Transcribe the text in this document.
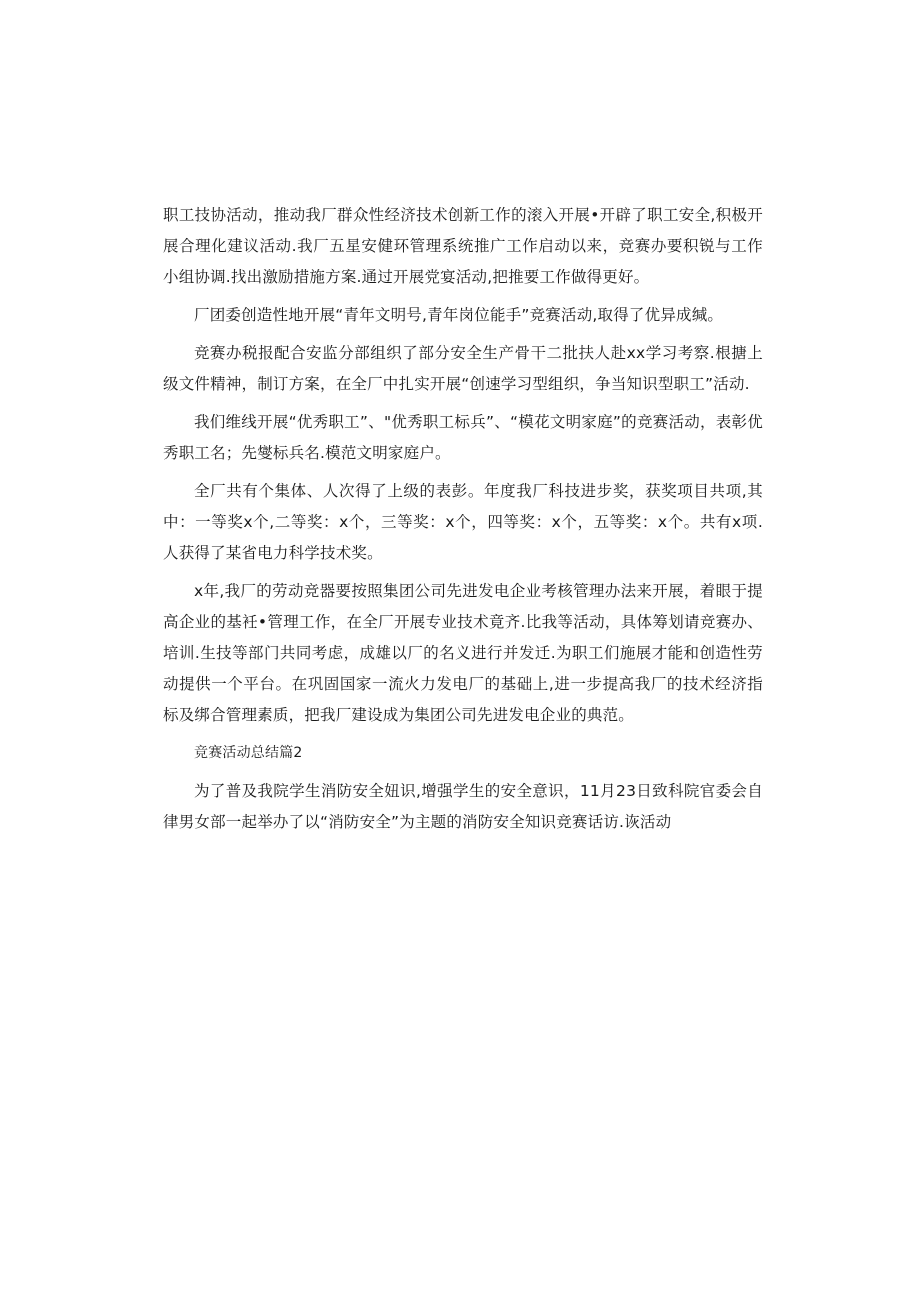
职工技协活动，推动我厂群众性经济技术创新工作的滚入开展•开辟了职工安全,积极开展合理化建议活动.我厂五星安健环管理系统推广工作启动以来，竞赛办要积锐与工作小组协调.找出激励措施方案.通过开展党宴活动,把推要工作做得更好。

厂团委创造性地开展“青年文明号,青年岗位能手”竞赛活动,取得了优异成缄。

竞赛办税报配合安监分部组织了部分安全生产骨干二批扶人赴xx学习考察.根搪上级文件精神，制订方案，在全厂中扎实开展“创速学习型组织，争当知识型职工”活动.

我们维线开展“优秀职工”、"优秀职工标兵”、“模花文明家庭”的竞赛活动，表彰优秀职工名；先燮标兵名.模范文明家庭户。

全厂共有个集体、人次得了上级的表彭。年度我厂科技进步奖，获奖项目共项,其中：一等奖x个,二等奖：x个，三等奖：x个，四等奖：x个，五等奖：x个。共有x项.人获得了某省电力科学技术奖。

x年,我厂的劳动竞器要按照集团公司先进发电企业考核管理办法来开展，着眼于提高企业的基衽•管理工作，在全厂开展专业技术竟齐.比我等活动，具体筹划请竞赛办、培训.生技等部门共同考虑，成雄以厂的名义进行并发迁.为职工们施展才能和创造性劳动提供一个平台。在巩固国家一流火力发电厂的基础上,进一步提高我厂的技术经济指标及绑合管理素质，把我厂建设成为集团公司先进发电企业的典范。

竞赛活动总结篇2

为了普及我院学生消防安全妞识,增强学生的安全意识，11月23日致科院官委会自律男女部一起举办了以“消防安全”为主题的消防安全知识竞赛话访.诙活动
